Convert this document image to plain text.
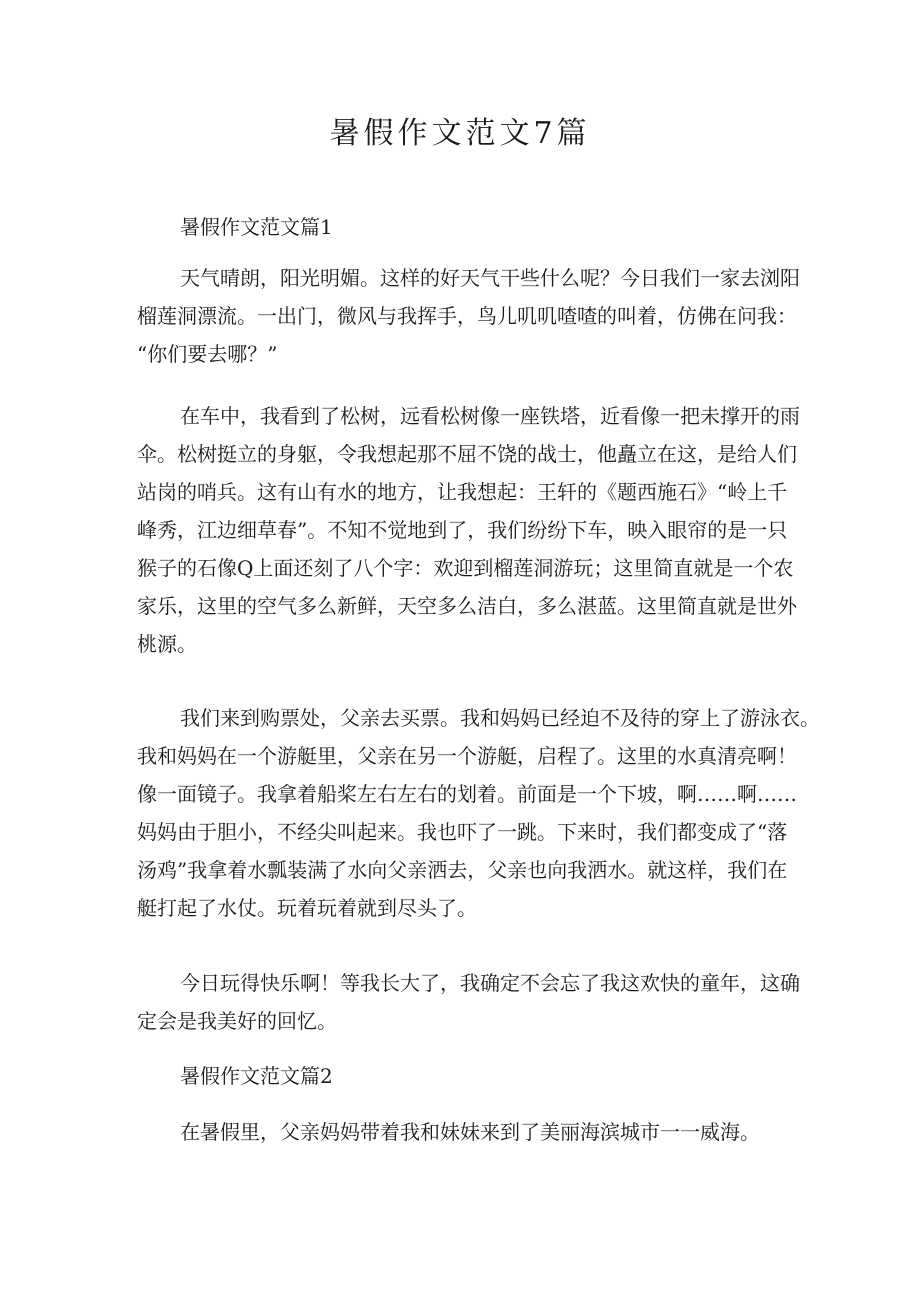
暑假作文范文7篇

暑假作文范文篇1

天气晴朗，阳光明媚。这样的好天气干些什么呢？今日我们一家去浏阳

榴莲洞漂流。一出门，微风与我挥手，鸟儿叽叽喳喳的叫着，仿佛在问我：

“你们要去哪？”

在车中，我看到了松树，远看松树像一座铁塔，近看像一把未撑开的雨

伞。松树挺立的身躯，令我想起那不屈不饶的战士，他矗立在这，是给人们

站岗的哨兵。这有山有水的地方，让我想起：王轩的《题西施石》“岭上千

峰秀，江边细草春”。不知不觉地到了，我们纷纷下车，映入眼帘的是一只

猴子的石像Q上面还刻了八个字：欢迎到榴莲洞游玩；这里简直就是一个农

家乐，这里的空气多么新鲜，天空多么洁白，多么湛蓝。这里简直就是世外

桃源。

我们来到购票处，父亲去买票。我和妈妈已经迫不及待的穿上了游泳衣。

我和妈妈在一个游艇里，父亲在另一个游艇，启程了。这里的水真清亮啊！

像一面镜子。我拿着船桨左右左右的划着。前面是一个下坡，啊……啊……

妈妈由于胆小，不经尖叫起来。我也吓了一跳。下来时，我们都变成了“落

汤鸡”我拿着水瓢装满了水向父亲洒去，父亲也向我洒水。就这样，我们在

艇打起了水仗。玩着玩着就到尽头了。

今日玩得快乐啊！等我长大了，我确定不会忘了我这欢快的童年，这确

定会是我美好的回忆。

暑假作文范文篇2

在暑假里，父亲妈妈带着我和妹妹来到了美丽海滨城市一一威海。
